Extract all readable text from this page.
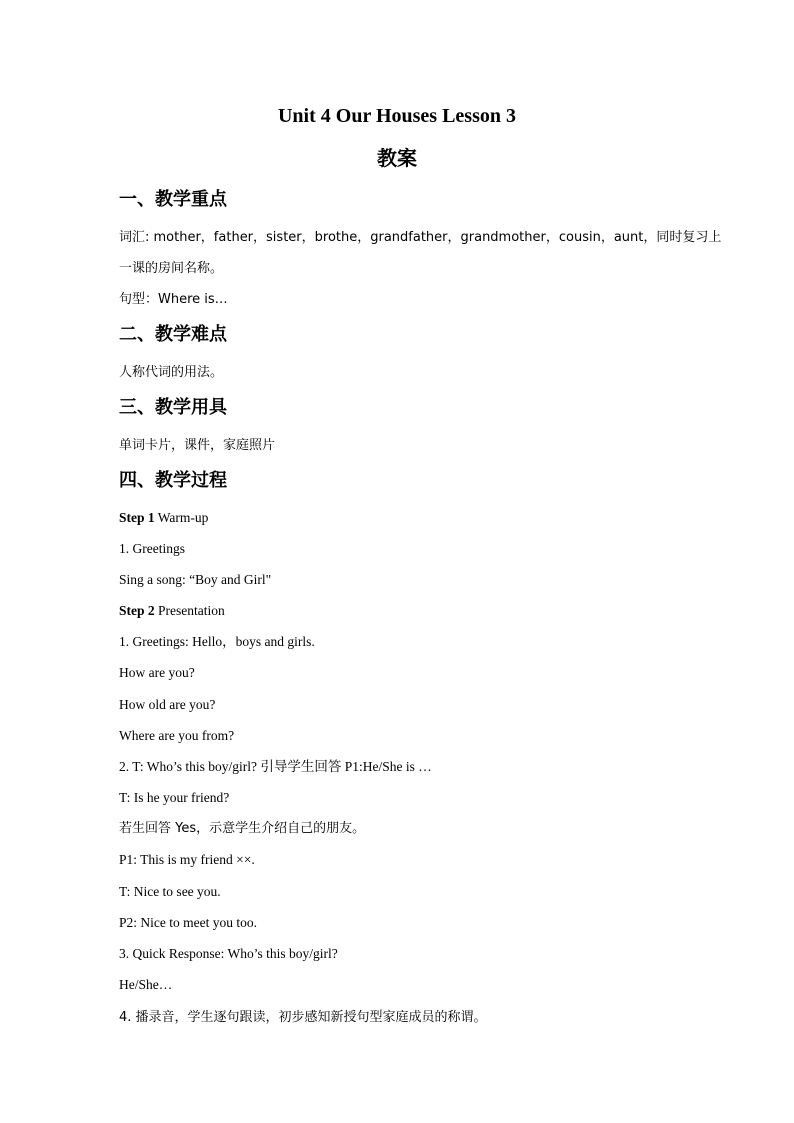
Unit 4 Our Houses Lesson 3
教案
一、教学重点
词汇: mother，father，sister，brothe，grandfather，grandmother，cousin，aunt，同时复习上
一课的房间名称。
句型：Where is…
二、教学难点
人称代词的用法。
三、教学用具
单词卡片，课件，家庭照片
四、教学过程
Step 1 Warm-up
1. Greetings
Sing a song: “Boy and Girl"
Step 2 Presentation
1. Greetings: Hello，boys and girls.
How are you?
How old are you?
Where are you from?
2. T: Who’s this boy/girl? 引导学生回答 P1:He/She is …
T: Is he your friend?
若生回答 Yes，示意学生介绍自己的朋友。
P1: This is my friend ××.
T: Nice to see you.
P2: Nice to meet you too.
3. Quick Response: Who’s this boy/girl?
He/She…
4. 播录音，学生逐句跟读，初步感知新授句型家庭成员的称谓。
